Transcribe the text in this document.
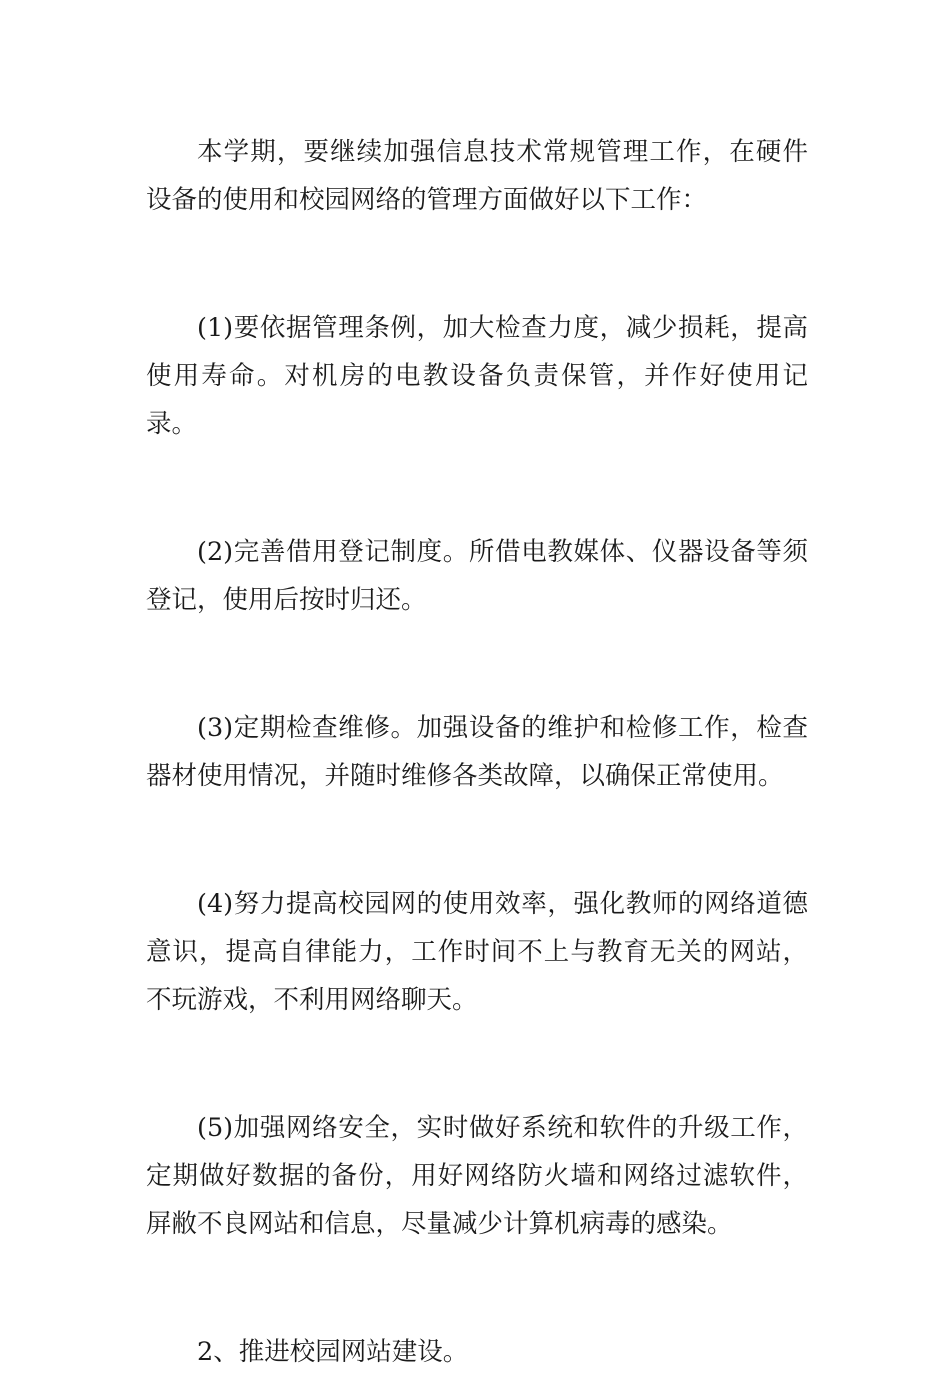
本学期，要继续加强信息技术常规管理工作，在硬件设备的使用和校园网络的管理方面做好以下工作：

(1)要依据管理条例，加大检查力度，减少损耗，提高使用寿命。对机房的电教设备负责保管，并作好使用记录。

(2)完善借用登记制度。所借电教媒体、仪器设备等须登记，使用后按时归还。

(3)定期检查维修。加强设备的维护和检修工作，检查器材使用情况，并随时维修各类故障，以确保正常使用。

(4)努力提高校园网的使用效率，强化教师的网络道德意识，提高自律能力，工作时间不上与教育无关的网站，不玩游戏，不利用网络聊天。

(5)加强网络安全，实时做好系统和软件的升级工作，定期做好数据的备份，用好网络防火墙和网络过滤软件，屏敝不良网站和信息，尽量减少计算机病毒的感染。

2、推进校园网站建设。
